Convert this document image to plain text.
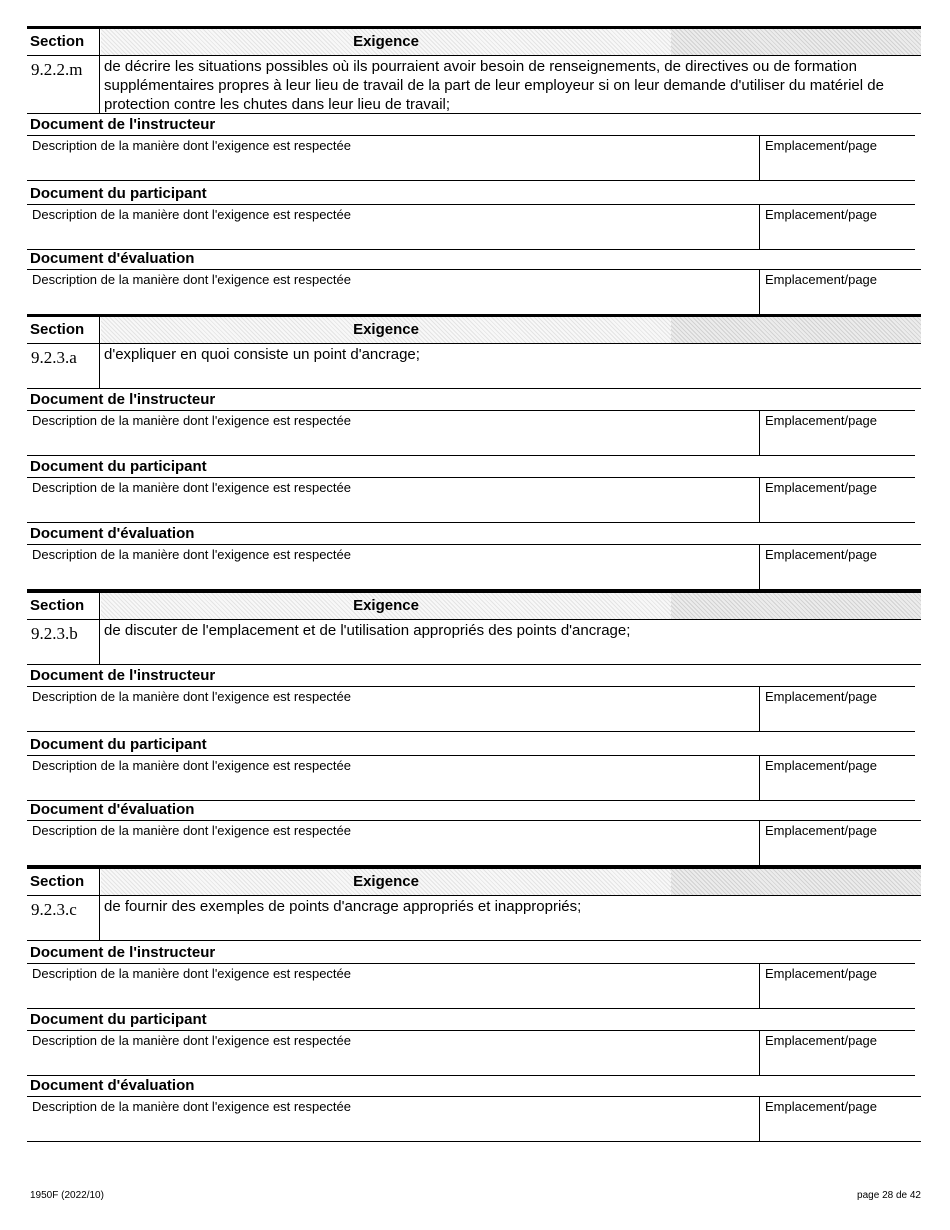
Section	Exigence
9.2.2.m	de décrire les situations possibles où ils pourraient avoir besoin de renseignements, de directives ou de formation supplémentaires propres à leur lieu de travail de la part de leur employeur si on leur demande d'utiliser du matériel de protection contre les chutes dans leur lieu de travail;
Document de l'instructeur
Description de la manière dont l'exigence est respectée	Emplacement/page
Document du participant
Description de la manière dont l'exigence est respectée	Emplacement/page
Document d'évaluation
Description de la manière dont l'exigence est respectée	Emplacement/page
Section	Exigence
9.2.3.a	d'expliquer en quoi consiste un point d'ancrage;
Document de l'instructeur
Description de la manière dont l'exigence est respectée	Emplacement/page
Document du participant
Description de la manière dont l'exigence est respectée	Emplacement/page
Document d'évaluation
Description de la manière dont l'exigence est respectée	Emplacement/page
Section	Exigence
9.2.3.b	de discuter de l'emplacement et de l'utilisation appropriés des points d'ancrage;
Document de l'instructeur
Description de la manière dont l'exigence est respectée	Emplacement/page
Document du participant
Description de la manière dont l'exigence est respectée	Emplacement/page
Document d'évaluation
Description de la manière dont l'exigence est respectée	Emplacement/page
Section	Exigence
9.2.3.c	de fournir des exemples de points d'ancrage appropriés et inappropriés;
Document de l'instructeur
Description de la manière dont l'exigence est respectée	Emplacement/page
Document du participant
Description de la manière dont l'exigence est respectée	Emplacement/page
Document d'évaluation
Description de la manière dont l'exigence est respectée	Emplacement/page
1950F (2022/10)	page 28 de 42
